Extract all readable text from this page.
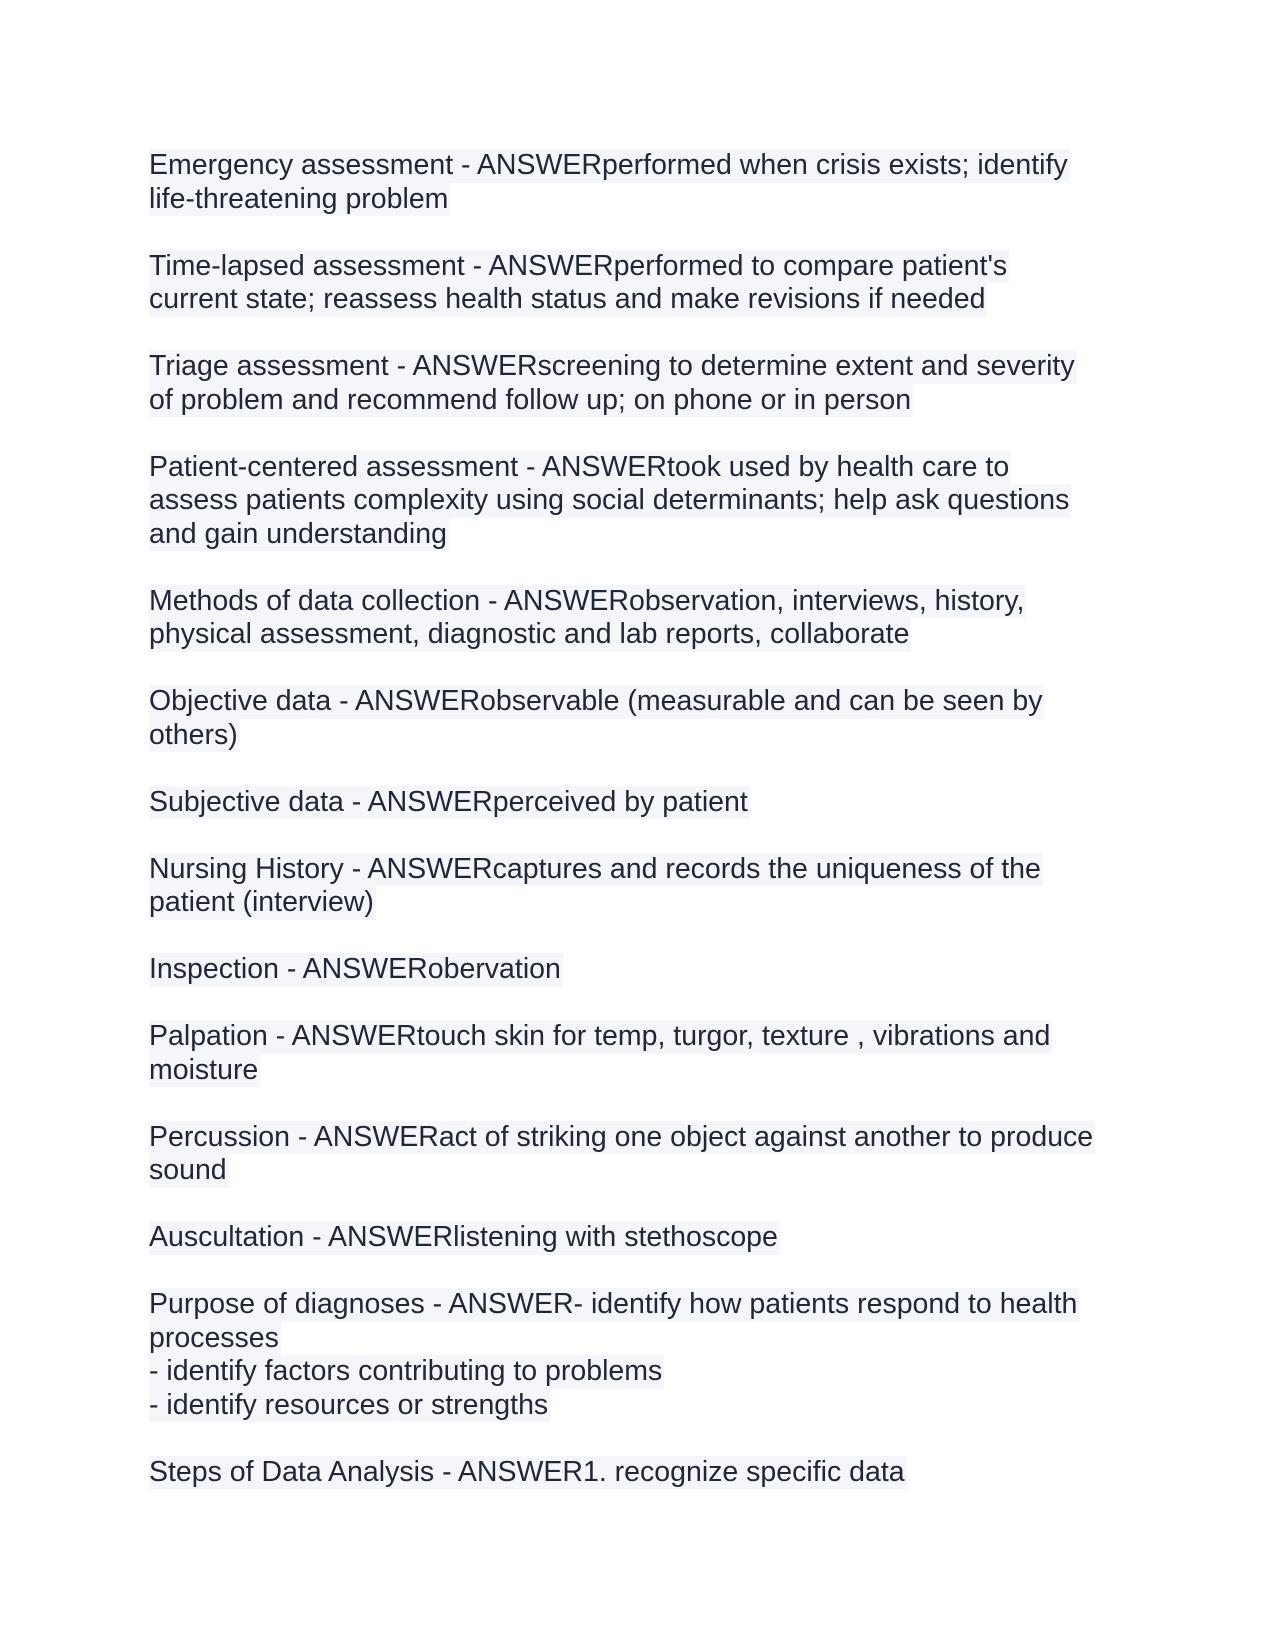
Emergency assessment - ANSWERperformed when crisis exists; identify
life-threatening problem
Time-lapsed assessment - ANSWERperformed to compare patient's
current state; reassess health status and make revisions if needed
Triage assessment - ANSWERscreening to determine extent and severity
of problem and recommend follow up; on phone or in person
Patient-centered assessment - ANSWERtook used by health care to
assess patients complexity using social determinants; help ask questions
and gain understanding
Methods of data collection - ANSWERobservation, interviews, history,
physical assessment, diagnostic and lab reports, collaborate
Objective data - ANSWERobservable (measurable and can be seen by
others)
Subjective data - ANSWERperceived by patient
Nursing History - ANSWERcaptures and records the uniqueness of the
patient (interview)
Inspection - ANSWERobervation
Palpation - ANSWERtouch skin for temp, turgor, texture , vibrations and
moisture
Percussion - ANSWERact of striking one object against another to produce
sound
Auscultation - ANSWERlistening with stethoscope
Purpose of diagnoses - ANSWER- identify how patients respond to health
processes
- identify factors contributing to problems
- identify resources or strengths
Steps of Data Analysis - ANSWER1. recognize specific data
